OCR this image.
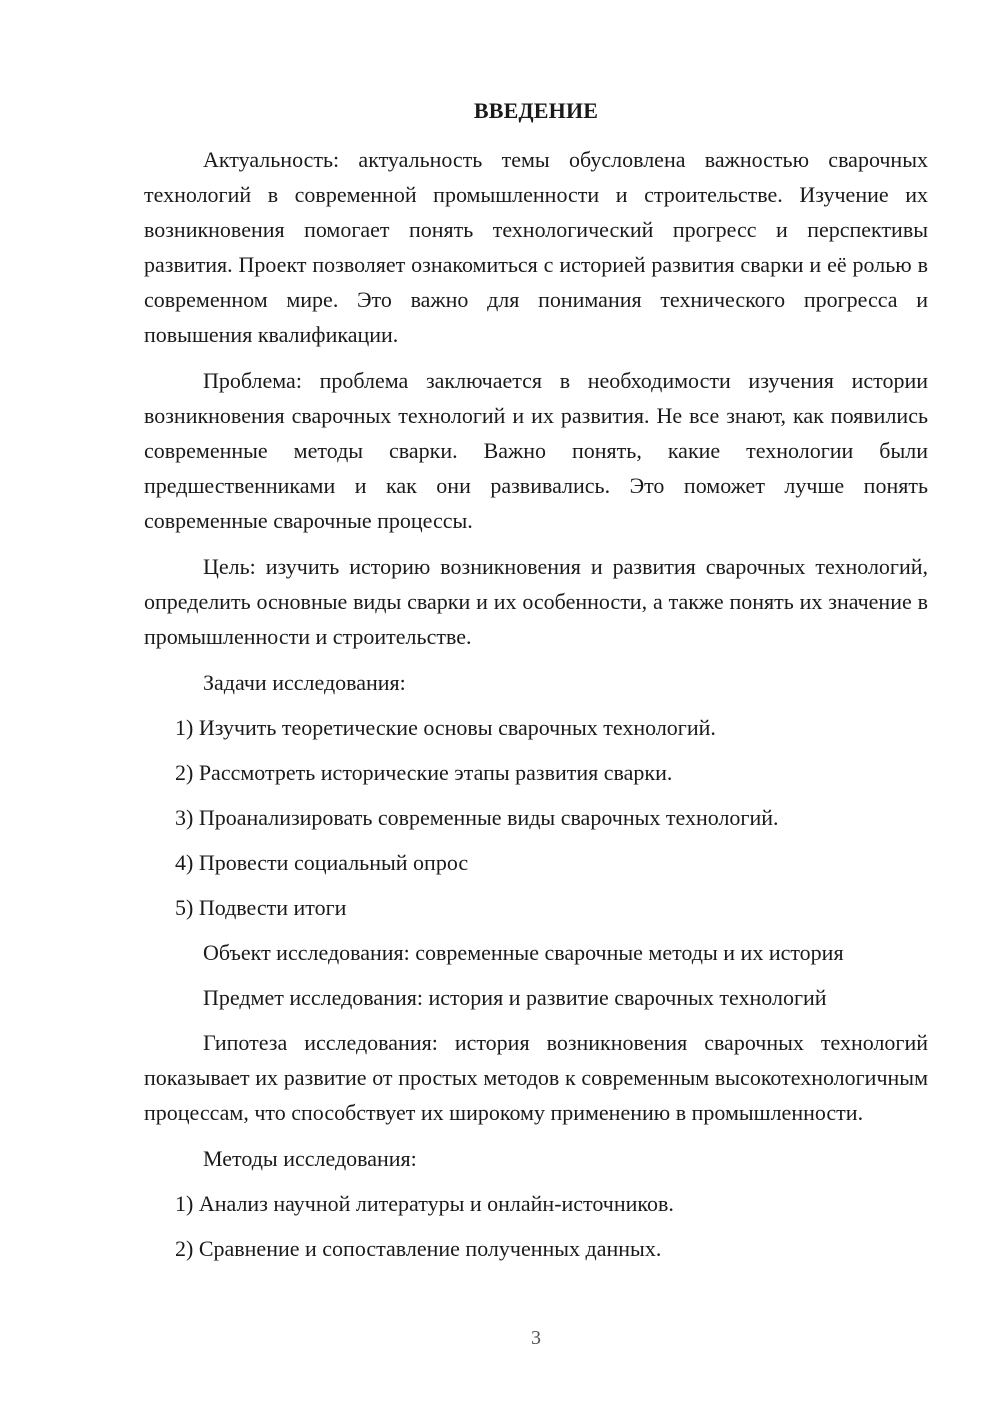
ВВЕДЕНИЕ

Актуальность: актуальность темы обусловлена важностью сварочных технологий в современной промышленности и строительстве. Изучение их возникновения помогает понять технологический прогресс и перспективы развития. Проект позволяет ознакомиться с историей развития сварки и её ролью в современном мире. Это важно для понимания технического прогресса и повышения квалификации.

Проблема: проблема заключается в необходимости изучения истории возникновения сварочных технологий и их развития. Не все знают, как появились современные методы сварки. Важно понять, какие технологии были предшественниками и как они развивались. Это поможет лучше понять современные сварочные процессы.

Цель: изучить историю возникновения и развития сварочных технологий, определить основные виды сварки и их особенности, а также понять их значение в промышленности и строительстве.

Задачи исследования:
1) Изучить теоретические основы сварочных технологий.
2) Рассмотреть исторические этапы развития сварки.
3) Проанализировать современные виды сварочных технологий.
4) Провести социальный опрос
5) Подвести итоги
Объект исследования: современные сварочные методы и их история
Предмет исследования: история и развитие сварочных технологий

Гипотеза исследования: история возникновения сварочных технологий показывает их развитие от простых методов к современным высокотехнологичным процессам, что способствует их широкому применению в промышленности.

Методы исследования:
1) Анализ научной литературы и онлайн-источников.
2) Сравнение и сопоставление полученных данных.
3
